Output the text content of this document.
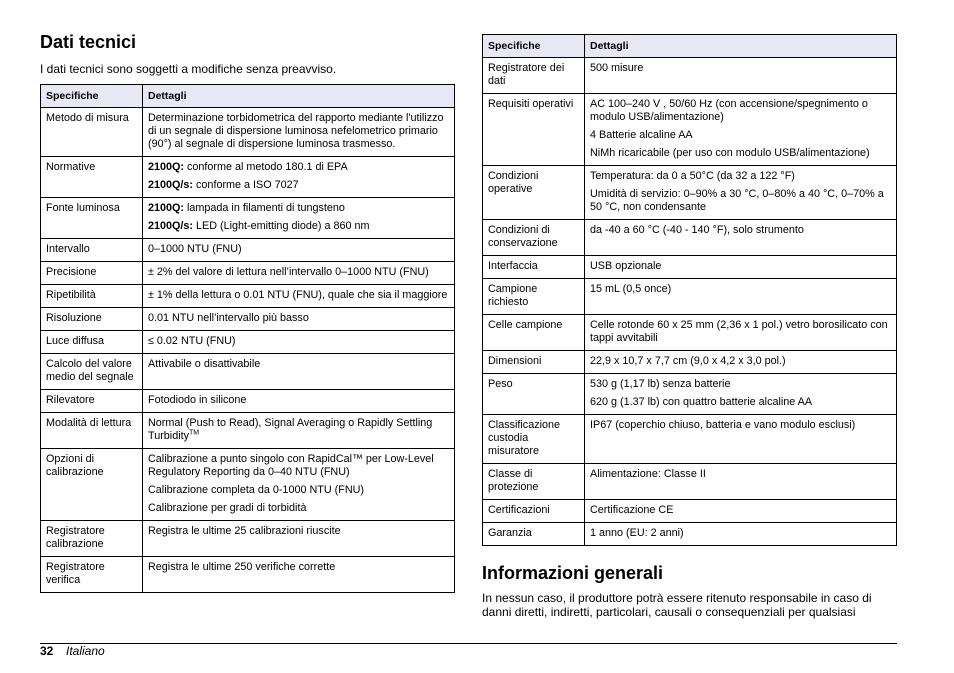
Dati tecnici

I dati tecnici sono soggetti a modifiche senza preavviso.

Specifiche	Dettagli
Metodo di misura	Determinazione torbidometrica del rapporto mediante l'utilizzo di un segnale di dispersione luminosa nefelometrico primario (90°) al segnale di dispersione luminosa trasmesso.

Normative	2100Q: conforme al metodo 180.1 di EPA

2100Q/s: conforme a ISO 7027

Fonte luminosa	2100Q: lampada in filamenti di tungsteno

2100Q/s: LED (Light-emitting diode) a 860 nm

Intervallo	0–1000 NTU (FNU)

Precisione	± 2% del valore di lettura nell’intervallo 0–1000 NTU (FNU)

Ripetibilità	± 1% della lettura o 0.01 NTU (FNU), quale che sia il maggiore

Risoluzione	0.01 NTU nell’intervallo più basso

Luce diffusa	≤ 0.02 NTU (FNU)

Calcolo del valore medio del segnale	Attivabile o disattivabile

Rilevatore	Fotodiodo in silicone

Modalità di lettura	Normal (Push to Read), Signal Averaging o Rapidly Settling Turbidity™

Opzioni di calibrazione	Calibrazione a punto singolo con RapidCal™ per Low-Level Regulatory Reporting da 0–40 NTU (FNU)

Calibrazione completa da 0-1000 NTU (FNU)

Calibrazione per gradi di torbidità

Registratore calibrazione	Registra le ultime 25 calibrazioni riuscite

Registratore verifica	Registra le ultime 250 verifiche corrette

Specifiche	Dettagli
Registratore dei dati	500 misure

Requisiti operativi	AC 100–240 V , 50/60 Hz (con accensione/spegnimento o modulo USB/alimentazione)

4 Batterie alcaline AA

NiMh ricaricabile (per uso con modulo USB/alimentazione)

Condizioni operative	Temperatura: da 0 a 50°C (da 32 a 122 °F)

Umidità di servizio: 0–90% a 30 °C, 0–80% a 40 °C, 0–70% a 50 °C, non condensante

Condizioni di conservazione	da -40 a 60 °C (-40 - 140 °F), solo strumento

Interfaccia	USB opzionale

Campione richiesto	15 mL (0,5 once)

Celle campione	Celle rotonde 60 x 25 mm (2,36 x 1 pol.) vetro borosilicato con tappi avvitabili

Dimensioni	22,9 x 10,7 x 7,7 cm (9,0 x 4,2 x 3,0 pol.)

Peso	530 g (1,17 lb) senza batterie

620 g (1.37 lb) con quattro batterie alcaline AA

Classificazione custodia misuratore	IP67 (coperchio chiuso, batteria e vano modulo esclusi)

Classe di protezione	Alimentazione: Classe II

Certificazioni	Certificazione CE

Garanzia	1 anno (EU: 2 anni)

Informazioni generali

In nessun caso, il produttore potrà essere ritenuto responsabile in caso di danni diretti, indiretti, particolari, causali o consequenziali per qualsiasi

32 Italiano
